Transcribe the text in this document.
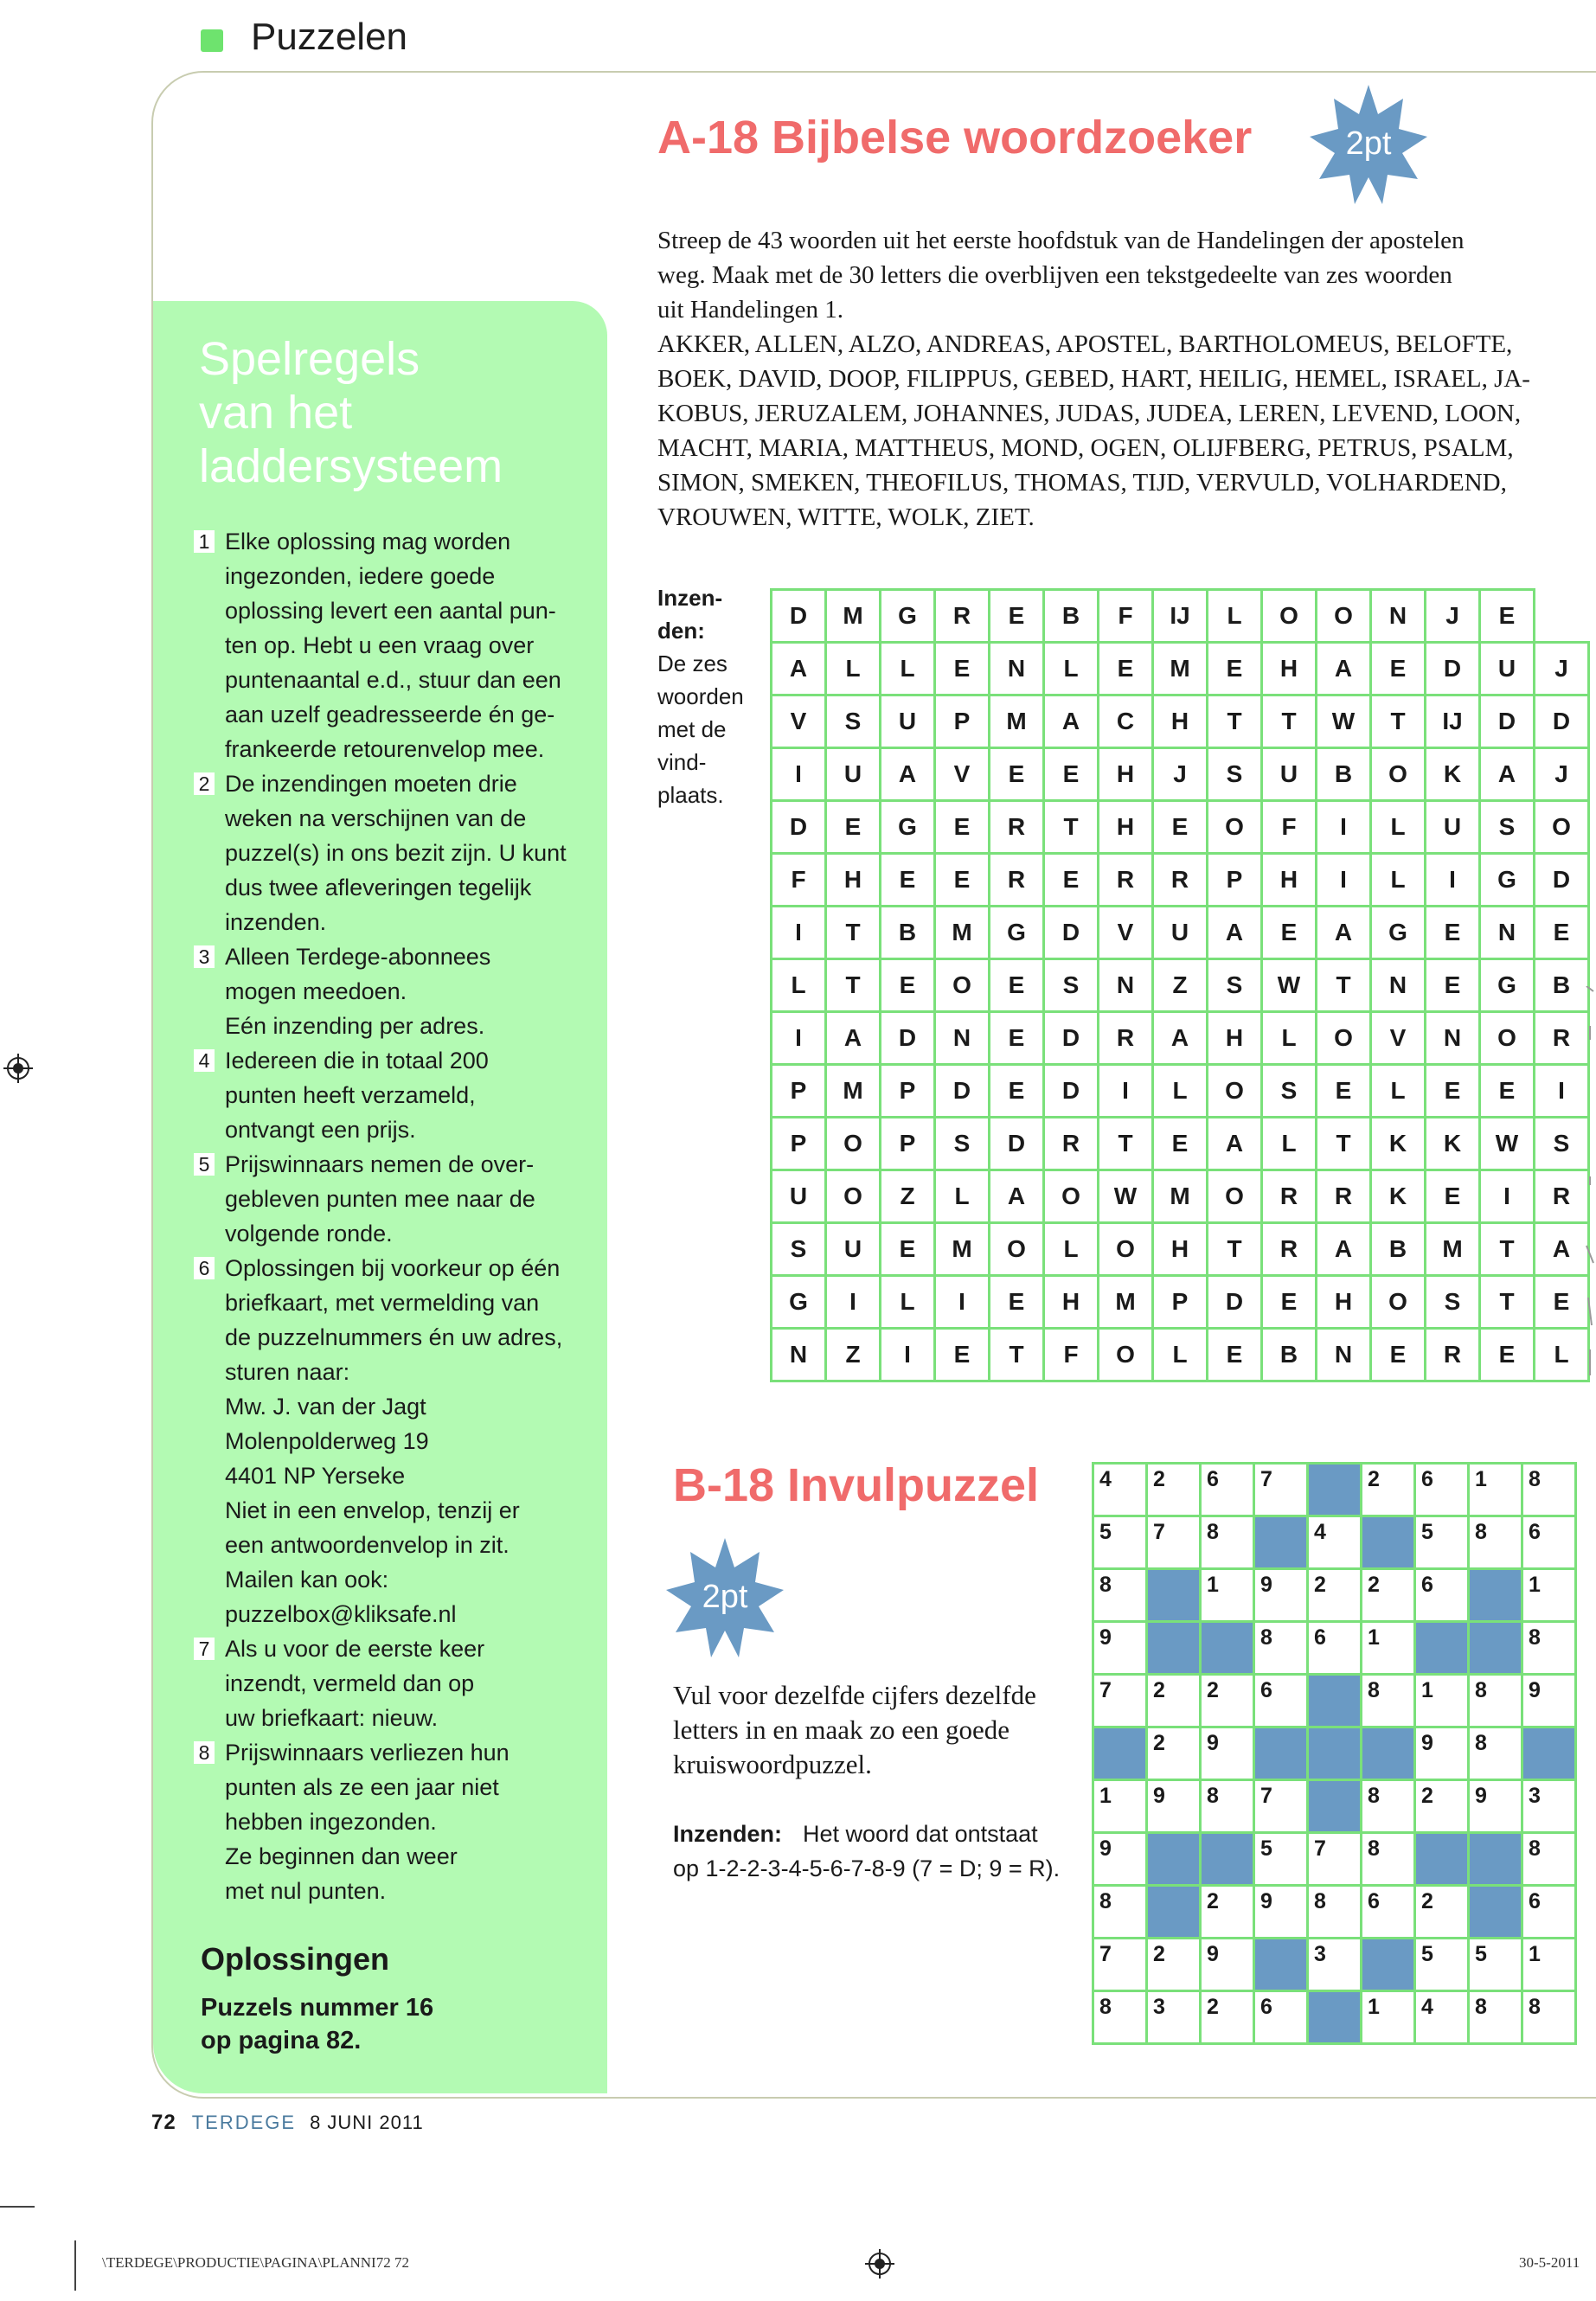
Puzzelen
Spelregels
van het
laddersysteem
1 Elke oplossing mag worden
ingezonden, iedere goede
oplossing levert een aantal pun-
ten op. Hebt u een vraag over
puntenaantal e.d., stuur dan een
aan uzelf geadresseerde én ge-
frankeerde retourenvelop mee.
2 De inzendingen moeten drie
weken na verschijnen van de
puzzel(s) in ons bezit zijn. U kunt
dus twee afleveringen tegelijk
inzenden.
3 Alleen Terdege-abonnees
mogen meedoen.
Eén inzending per adres.
4 Iedereen die in totaal 200
punten heeft verzameld,
ontvangt een prijs.
5 Prijswinnaars nemen de over-
gebleven punten mee naar de
volgende ronde.
6 Oplossingen bij voorkeur op één
briefkaart, met vermelding van
de puzzelnummers én uw adres,
sturen naar:
Mw. J. van der Jagt
Molenpolderweg 19
4401 NP Yerseke
Niet in een envelop, tenzij er
een antwoordenvelop in zit.
Mailen kan ook:
puzzelbox@kliksafe.nl
7 Als u voor de eerste keer
inzendt, vermeld dan op
uw briefkaart: nieuw.
8 Prijswinnaars verliezen hun
punten als ze een jaar niet
hebben ingezonden.
Ze beginnen dan weer
met nul punten.
Oplossingen
Puzzels nummer 16
op pagina 82.
A-18 Bijbelse woordzoeker	2pt
Streep de 43 woorden uit het eerste hoofdstuk van de Handelingen der apostelen
weg. Maak met de 30 letters die overblijven een tekstgedeelte van zes woorden
uit Handelingen 1.
AKKER, ALLEN, ALZO, ANDREAS, APOSTEL, BARTHOLOMEUS, BELOFTE,
BOEK, DAVID, DOOP, FILIPPUS, GEBED, HART, HEILIG, HEMEL, ISRAEL, JA-
KOBUS, JERUZALEM, JOHANNES, JUDAS, JUDEA, LEREN, LEVEND, LOON,
MACHT, MARIA, MATTHEUS, MOND, OGEN, OLIJFBERG, PETRUS, PSALM,
SIMON, SMEKEN, THEOFILUS, THOMAS, TIJD, VERVULD, VOLHARDEND,
VROUWEN, WITTE, WOLK, ZIET.
Inzen-den:
De zes
woorden
met de
vind-
plaats.
D	M	G	R	E	B	F	IJ	L	O	O	N	J	E	
A	L	L	E	N	L	E	M	E	H	A	E	D	U	J
V	S	U	P	M	A	C	H	T	T	W	T	IJ	D	D
I	U	A	V	E	E	H	J	S	U	B	O	K	A	J
D	E	G	E	R	T	H	E	O	F	I	L	U	S	O
F	H	E	E	R	E	R	R	P	H	I	L	I	G	D
I	T	B	M	G	D	V	U	A	E	A	G	E	N	E
L	T	E	O	E	S	N	Z	S	W	T	N	E	G	B
I	A	D	N	E	D	R	A	H	L	O	V	N	O	R
P	M	P	D	E	D	I	L	O	S	E	L	E	E	I
P	O	P	S	D	R	T	E	A	L	T	K	K	W	S
U	O	Z	L	A	O	W	M	O	R	R	K	E	I	R
S	U	E	M	O	L	O	H	T	R	A	B	M	T	A
G	I	L	I	E	H	M	P	D	E	H	O	S	T	E
N	Z	I	E	T	F	O	L	E	B	N	E	R	E	L
B-18 Invulpuzzel
2pt
Vul voor dezelfde cijfers dezelfde
letters in en maak zo een goede
kruiswoordpuzzel.
Inzenden: Het woord dat ontstaat
op 1-2-2-3-4-5-6-7-8-9 (7 = D; 9 = R).
4	2	6	7		2	6	1	8

5	7	8		4		5	8	6

8		1	9	2	2	6		1

9			8	6	1			8

7	2	2	6		8	1	8	9

	2	9				9	8	

1	9	8	7		8	2	9	3

9			5	7	8			8

8		2	9	8	6	2		6

7	2	9		3		5	5	1

8	3	2	6		1	4	8	8
72 TERDEGE 8 JUNI 2011
\TERDEGE\PRODUCTIE\PAGINA\PLANNI72 72	30-5-2011
